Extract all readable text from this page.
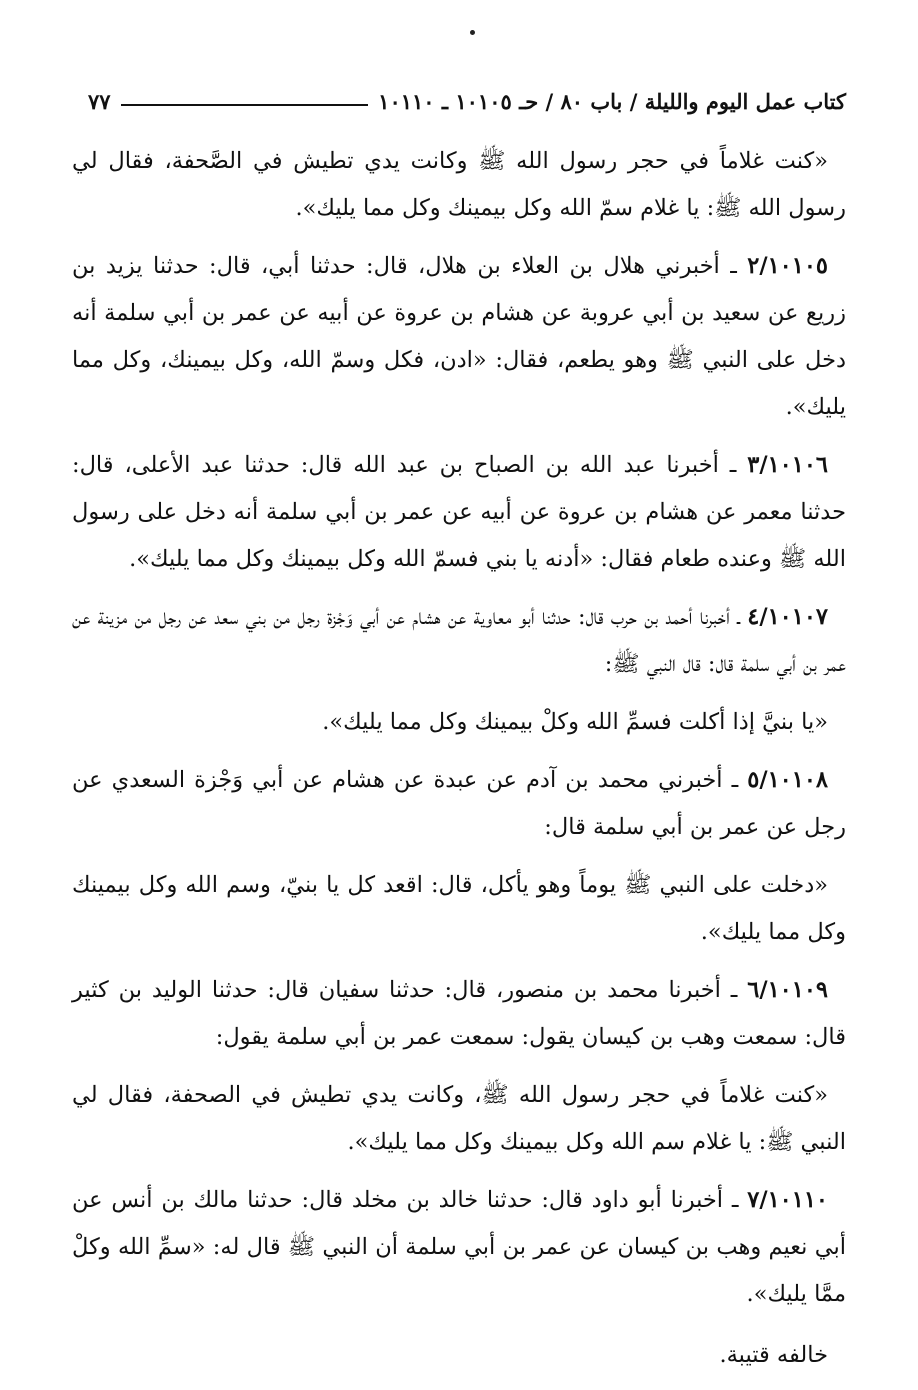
كتاب عمل اليوم والليلة / باب ٨٠ / حـ ١٠١٠٥ ـ ١٠١١٠
٧٧

«كنت غلاماً في حجر رسول الله ﷺ وكانت يدي تطيش في الصَّحفة، فقال لي رسول الله ﷺ: يا غلام سمّ الله وكل بيمينك وكل مما يليك».

٢/١٠١٠٥ ـ أخبرني هلال بن العلاء بن هلال، قال: حدثنا أبي، قال: حدثنا يزيد بن زريع عن سعيد بن أبي عروبة عن هشام بن عروة عن أبيه عن عمر بن أبي سلمة أنه دخل على النبي ﷺ وهو يطعم، فقال: «ادن، فكل وسمّ الله، وكل بيمينك، وكل مما يليك».

٣/١٠١٠٦ ـ أخبرنا عبد الله بن الصباح بن عبد الله قال: حدثنا عبد الأعلى، قال: حدثنا معمر عن هشام بن عروة عن أبيه عن عمر بن أبي سلمة أنه دخل على رسول الله ﷺ وعنده طعام فقال: «أدنه يا بني فسمّ الله وكل بيمينك وكل مما يليك».

٤/١٠١٠٧ ـ أخبرنا أحمد بن حرب قال: حدثنا أبو معاوية عن هشام عن أبي وَجْزة رجل من بني سعد عن رجل من مزينة عن عمر بن أبي سلمة قال: قال النبي ﷺ:

«يا بنيَّ إذا أكلت فسمِّ الله وكلْ بيمينك وكل مما يليك».

٥/١٠١٠٨ ـ أخبرني محمد بن آدم عن عبدة عن هشام عن أبي وَجْزة السعدي عن رجل عن عمر بن أبي سلمة قال:

«دخلت على النبي ﷺ يوماً وهو يأكل، قال: اقعد كل يا بنيّ، وسم الله وكل بيمينك وكل مما يليك».

٦/١٠١٠٩ ـ أخبرنا محمد بن منصور، قال: حدثنا سفيان قال: حدثنا الوليد بن كثير قال: سمعت وهب بن كيسان يقول: سمعت عمر بن أبي سلمة يقول:

«كنت غلاماً في حجر رسول الله ﷺ، وكانت يدي تطيش في الصحفة، فقال لي النبي ﷺ: يا غلام سم الله وكل بيمينك وكل مما يليك».

٧/١٠١١٠ ـ أخبرنا أبو داود قال: حدثنا خالد بن مخلد قال: حدثنا مالك بن أنس عن أبي نعيم وهب بن كيسان عن عمر بن أبي سلمة أن النبي ﷺ قال له: «سمِّ الله وكلْ ممَّا يليك».

خالفه قتيبة.
